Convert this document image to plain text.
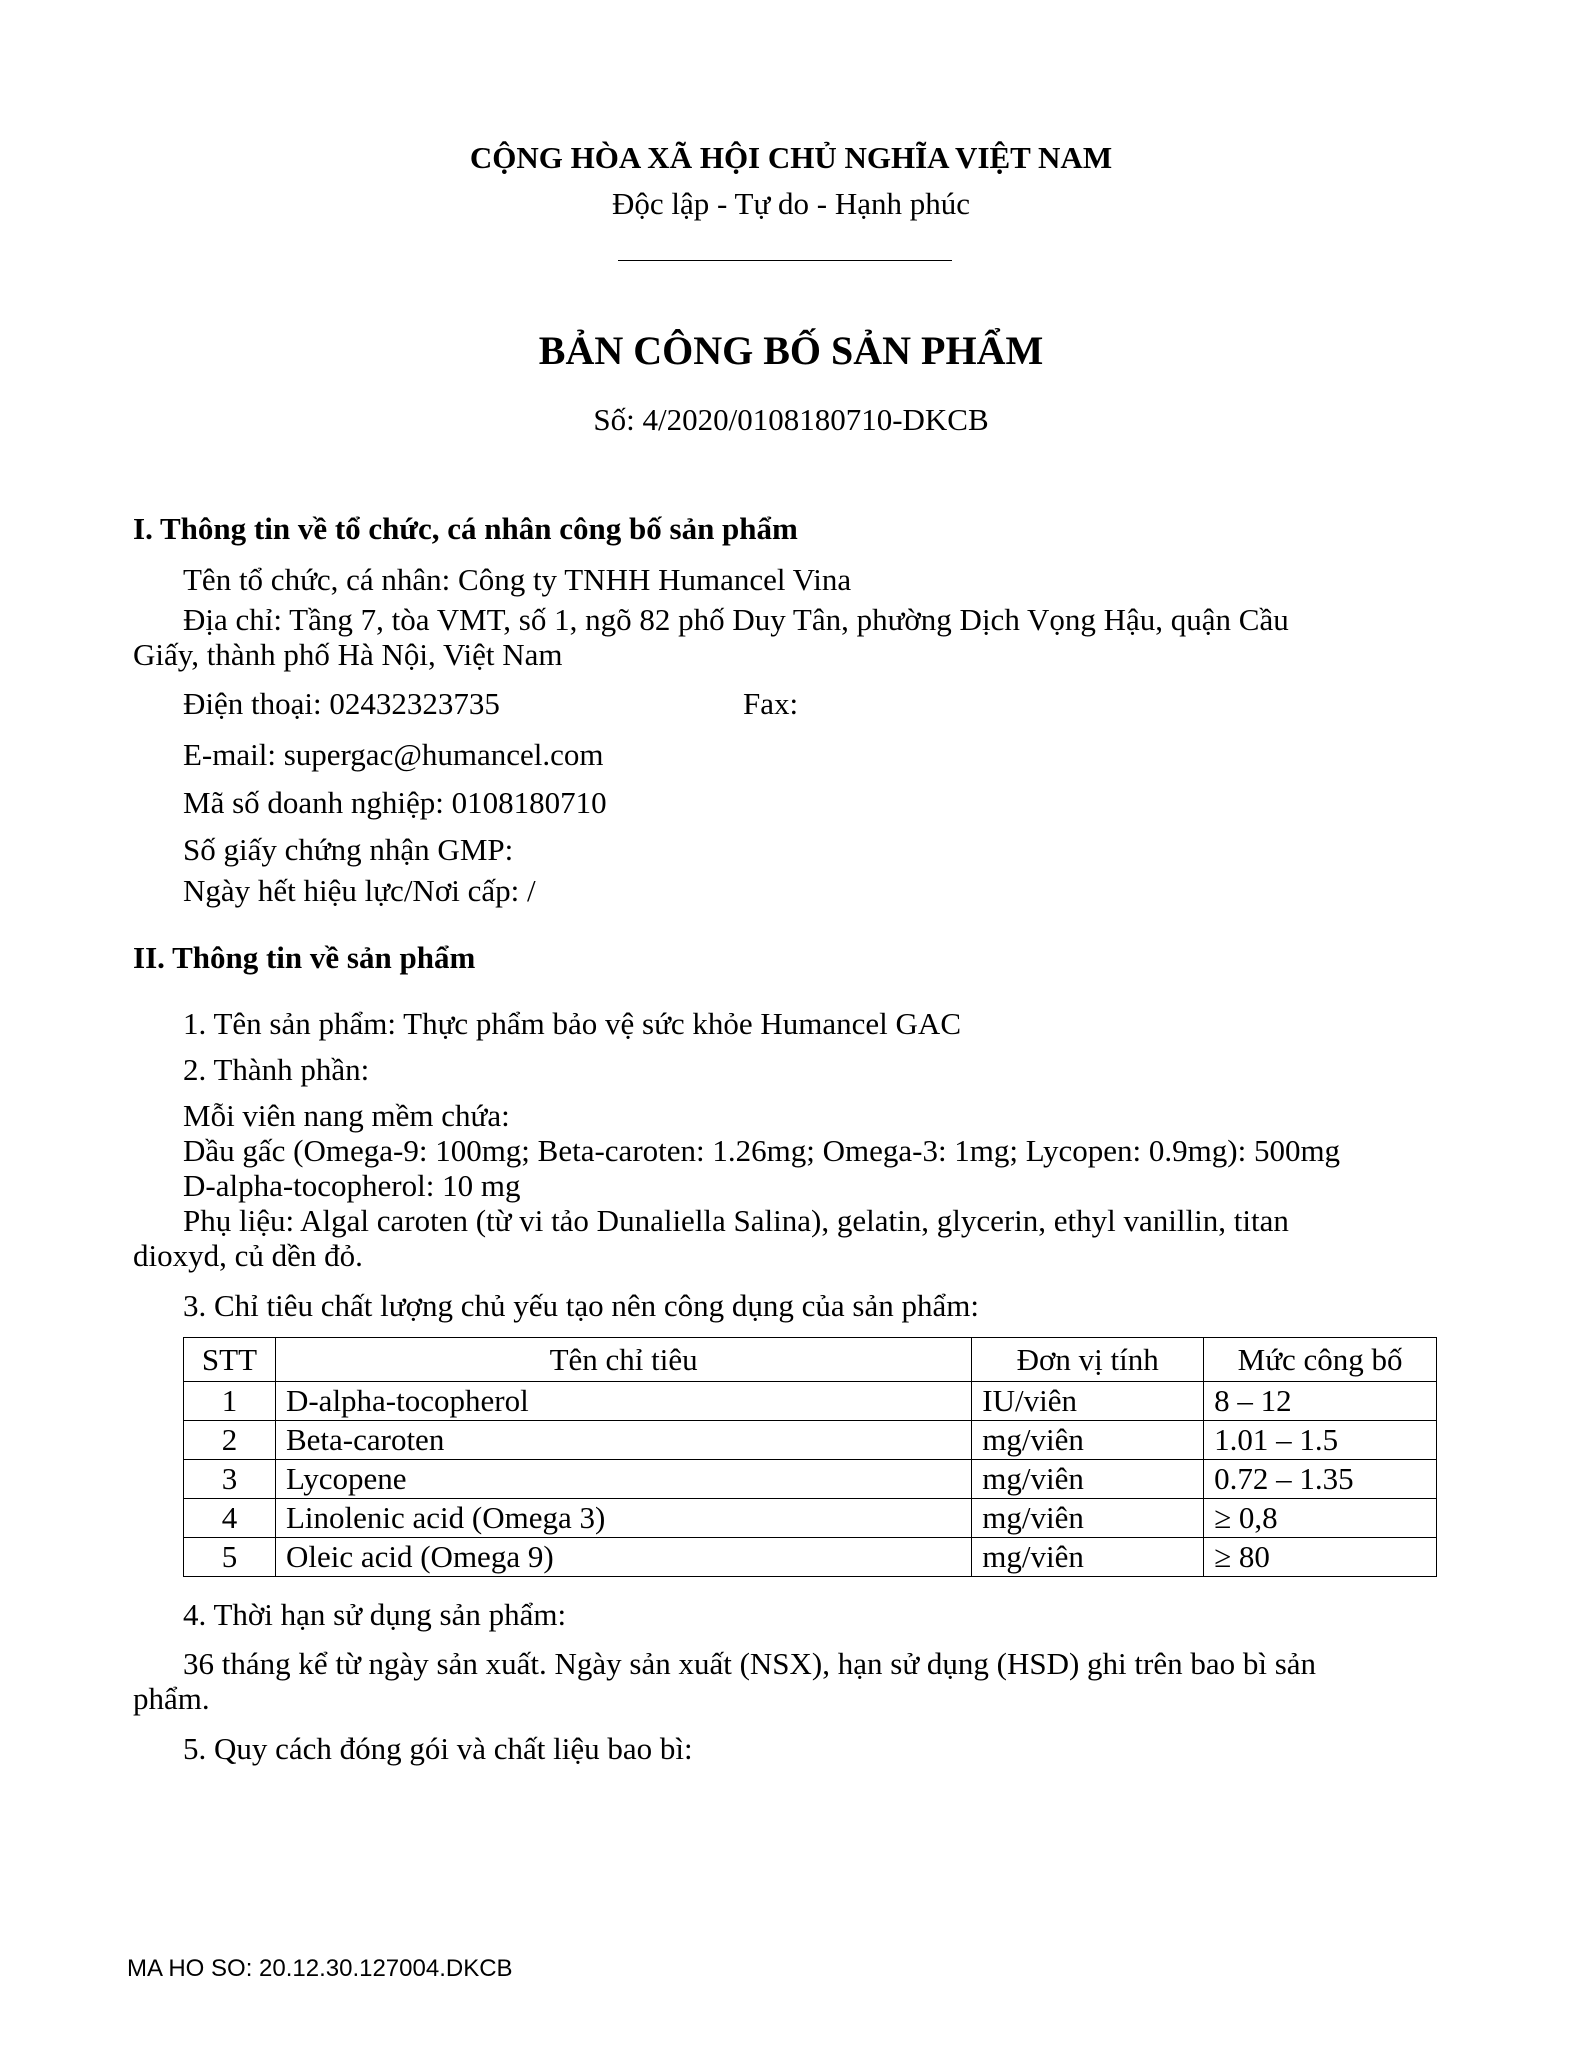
CỘNG HÒA XÃ HỘI CHỦ NGHĨA VIỆT NAM
Độc lập - Tự do - Hạnh phúc
BẢN CÔNG BỐ SẢN PHẨM
Số: 4/2020/0108180710-DKCB
I. Thông tin về tổ chức, cá nhân công bố sản phẩm
Tên tổ chức, cá nhân: Công ty TNHH Humancel Vina
Địa chỉ: Tầng 7, tòa VMT, số 1, ngõ 82 phố Duy Tân, phường Dịch Vọng Hậu, quận Cầu
Giấy, thành phố Hà Nội, Việt Nam
Điện thoại: 02432323735	Fax:
E-mail: supergac@humancel.com
Mã số doanh nghiệp: 0108180710
Số giấy chứng nhận GMP:
Ngày hết hiệu lực/Nơi cấp: /
II. Thông tin về sản phẩm
1. Tên sản phẩm: Thực phẩm bảo vệ sức khỏe Humancel GAC
2. Thành phần:
Mỗi viên nang mềm chứa:
Dầu gấc (Omega-9: 100mg; Beta-caroten: 1.26mg; Omega-3: 1mg; Lycopen: 0.9mg): 500mg
D-alpha-tocopherol: 10 mg
Phụ liệu: Algal caroten (từ vi tảo Dunaliella Salina), gelatin, glycerin, ethyl vanillin, titan
dioxyd, củ dền đỏ.
3. Chỉ tiêu chất lượng chủ yếu tạo nên công dụng của sản phẩm:
STT	Tên chỉ tiêu	Đơn vị tính	Mức công bố
1	D-alpha-tocopherol	IU/viên	8 – 12
2	Beta-caroten	mg/viên	1.01 – 1.5
3	Lycopene	mg/viên	0.72 – 1.35
4	Linolenic acid (Omega 3)	mg/viên	≥ 0,8
5	Oleic acid (Omega 9)	mg/viên	≥ 80
4. Thời hạn sử dụng sản phẩm:
36 tháng kể từ ngày sản xuất. Ngày sản xuất (NSX), hạn sử dụng (HSD) ghi trên bao bì sản
phẩm.
5. Quy cách đóng gói và chất liệu bao bì:
MA HO SO: 20.12.30.127004.DKCB
